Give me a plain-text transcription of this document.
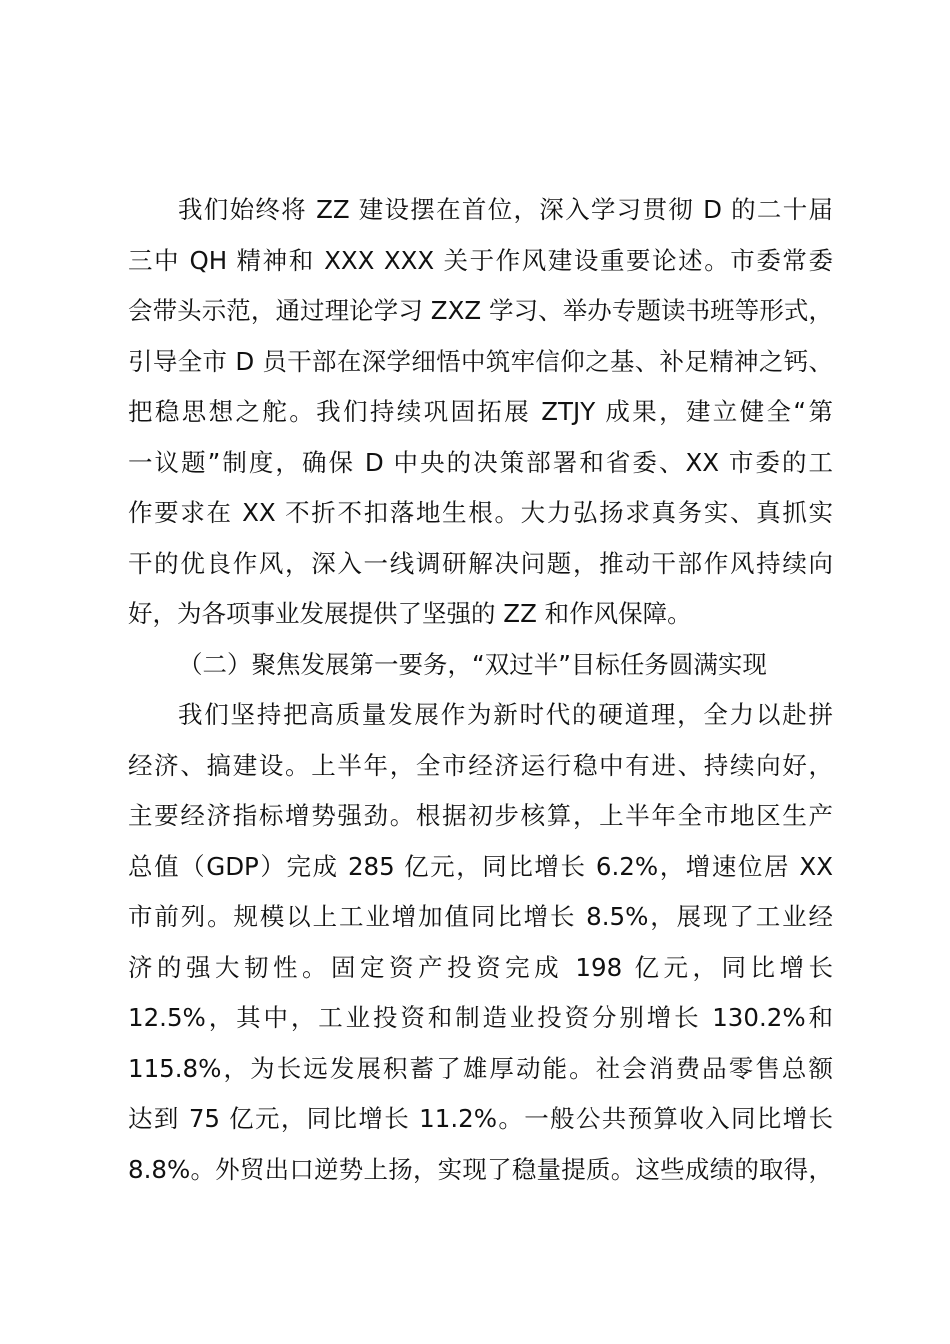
我们始终将 ZZ 建设摆在首位，深入学习贯彻 D 的二十届
三中 QH 精神和 XXX XXX 关于作风建设重要论述。市委常委
会带头示范，通过理论学习 ZXZ 学习、举办专题读书班等形式，
引导全市 D 员干部在深学细悟中筑牢信仰之基、补足精神之钙、
把稳思想之舵。我们持续巩固拓展 ZTJY 成果，建立健全“第
一议题”制度，确保 D 中央的决策部署和省委、XX 市委的工
作要求在 XX 不折不扣落地生根。大力弘扬求真务实、真抓实
干的优良作风，深入一线调研解决问题，推动干部作风持续向
好，为各项事业发展提供了坚强的 ZZ 和作风保障。
（二）聚焦发展第一要务，“双过半”目标任务圆满实现
我们坚持把高质量发展作为新时代的硬道理，全力以赴拼
经济、搞建设。上半年，全市经济运行稳中有进、持续向好，
主要经济指标增势强劲。根据初步核算，上半年全市地区生产
总值（GDP）完成 285 亿元，同比增长 6.2%，增速位居 XX
市前列。规模以上工业增加值同比增长 8.5%，展现了工业经
济的强大韧性。固定资产投资完成 198 亿元，同比增长
12.5%，其中，工业投资和制造业投资分别增长 130.2%和
115.8%，为长远发展积蓄了雄厚动能。社会消费品零售总额
达到 75 亿元，同比增长 11.2%。一般公共预算收入同比增长
8.8%。外贸出口逆势上扬，实现了稳量提质。这些成绩的取得，
